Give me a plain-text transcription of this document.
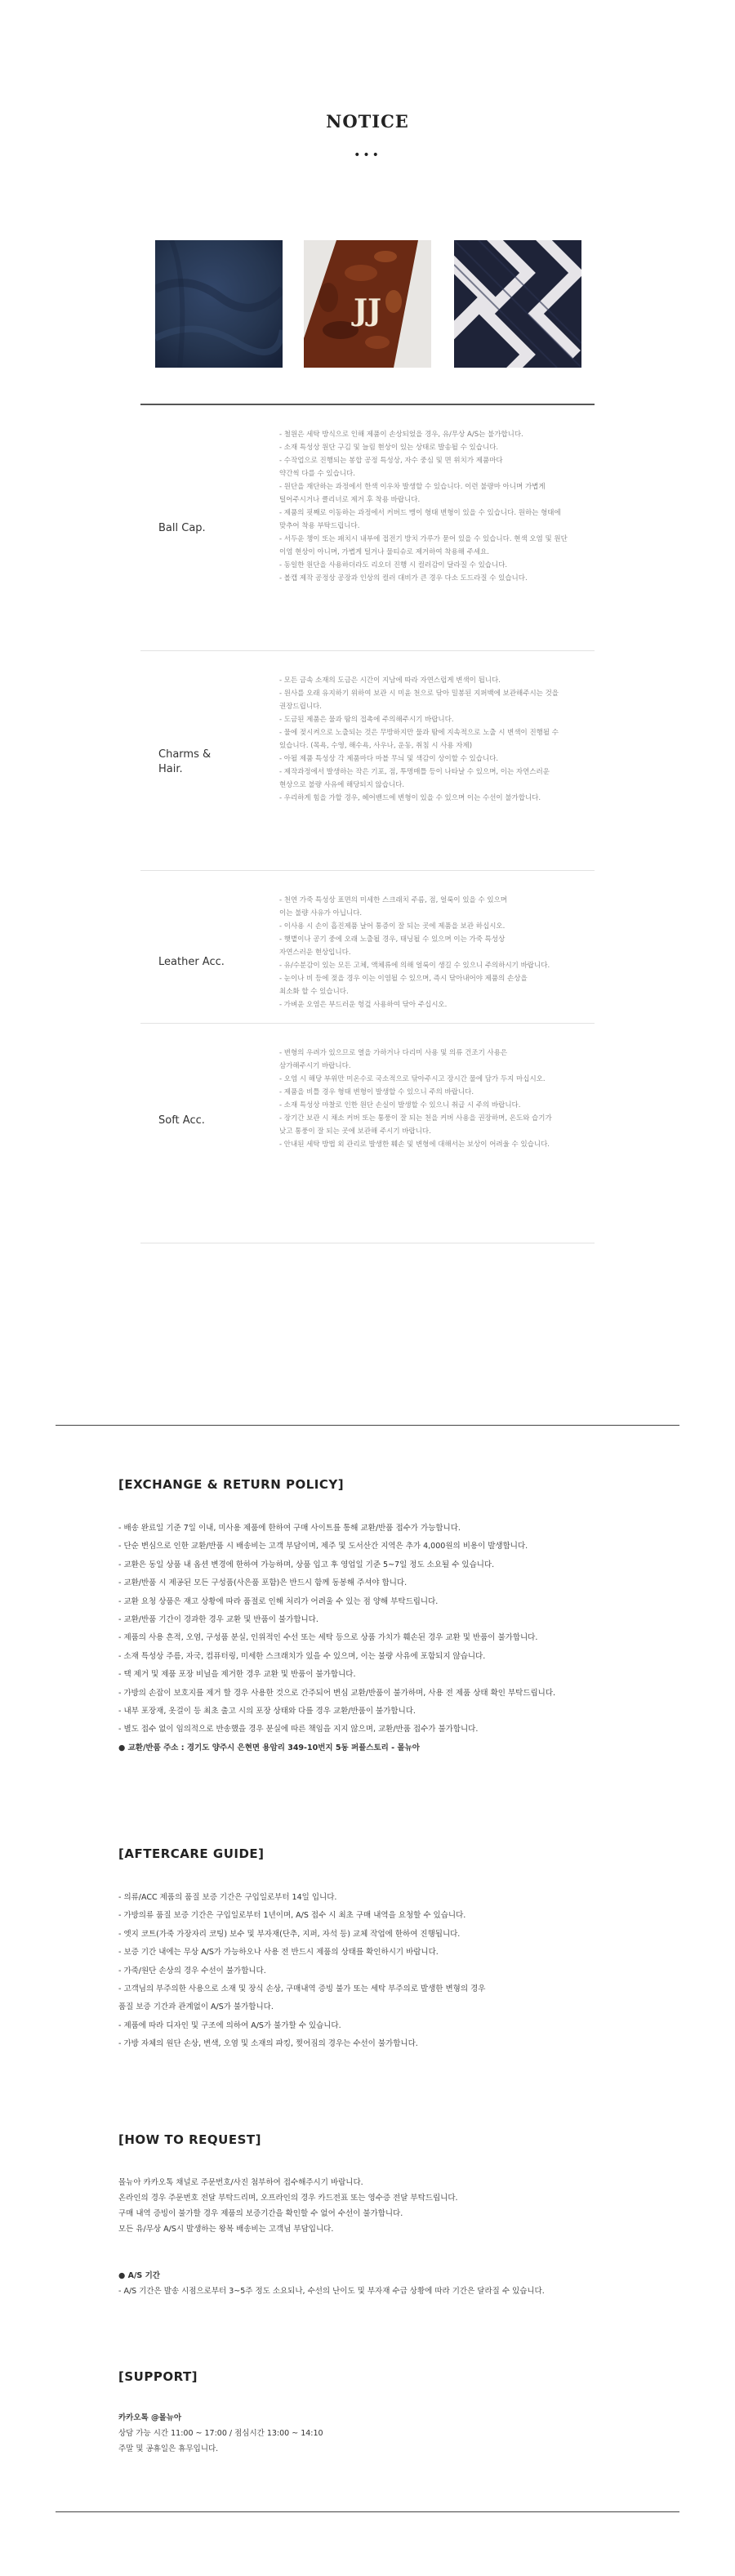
NOTICE
•••
JJ
Ball Cap.
- 철원은 세탁 방식으로 인해 제품이 손상되었을 경우, 유/무상 A/S는 불가합니다.
- 소재 특성상 원단 구김 및 늘림 현상이 있는 상태로 발송될 수 있습니다.
- 수작업으로 진행되는 봉합 공정 특성상, 자수 중심 및 면 위치가 제품마다
약간씩 다를 수 있습니다.
- 원단을 재단하는 과정에서 한색 이우차 발생할 수 있습니다. 이런 불량마 아니며 가볍게
털어주시거나 클리너로 제거 후 착용 바랍니다.
- 제품의 핏째로 이동하는 과정에서 커버드 맹이 형태 변형이 있을 수 있습니다. 원하는 형태에
맞추어 착용 부탁드립니다.
- 서두운 챙이 또는 패치시 내부에 접전기 방치 가루가 묻어 있을 수 있습니다. 현색 오염 및 원단
이염 현상이 아니며, 가볍게 털거나 물티슈로 제거하여 착용해 주세요.
- 동일한 원단을 사용하더라도 리오더 진행 시 컬러감이 달라질 수 있습니다.
- 볼캡 제작 공정상 공장과 인상의 컬러 대비가 큰 경우 다소 도드라질 수 있습니다.
Charms & Hair.
- 모든 금속 소재의 도금은 시간이 지남에 따라 자연스럽게 변색이 됩니다.
- 원사를 오래 유지하기 위하여 보관 시 미윤 천으로 닦아 밀봉된 지퍼백에 보관해주시는 것을
권장드립니다.
- 도금된 제품은 물과 땀의 접촉에 주의해주시기 바랍니다.
- 물에 젖시켜으로 노출되는 것은 무방하지만 물과 땀에 지속적으로 노출 시 변색이 진행될 수
있습니다. (목욕, 수영, 해수욕, 사우나, 운동, 취침 시 사용 자제)
- 아될 제품 특성상 각 제품마다 마블 무늬 및 색감이 상이할 수 있습니다.
- 제작과정에서 발생하는 작은 기포, 점, 투명매틀 등이 나타날 수 있으며, 이는 자연스러운
현상으로 불량 사유에 해당되지 않습니다.
- 우리하게 힘을 가할 경우, 헤어밴드에 변형이 있을 수 있으며 이는 수선이 불가합니다.
Leather Acc.
- 천연 가죽 특성상 표면의 미세한 스크래치 주름, 점, 얼룩이 있을 수 있으며
이는 불량 사유가 아닙니다.
- 이사용 시 손이 흡진제품 날어 통증이 잘 되는 곳에 제품을 보관 하십시오.
- 햇볕이나 공기 중에 오래 노출될 경우, 태닝될 수 있으며 이는 가죽 특성상
자연스러운 현상입니다.
- 유/수분감이 있는 모든 고체, 액체류에 의해 얼룩이 생길 수 있으니 주의하시기 바랍니다.
- 눈이나 비 등에 젖을 경우 이는 이염될 수 있으며, 즉시 닦아내어야 제품의 손상을
최소화 할 수 있습니다.
- 가벼운 오염은 부드러운 헝겊 사용하여 닦아 주십시오.
Soft Acc.
- 변형의 우려가 있으므로 열을 가하거나 다리미 사용 및 의류 건조기 사용은
삼가해주시기 바랍니다.
- 오염 시 해당 부위만 미온수로 국소적으로 닦아주시고 장시간 물에 담가 두지 마십시오.
- 제품을 비틀 경우 형태 변형이 발생할 수 있으니 주의 바랍니다.
- 소재 특성상 마찰로 인한 원단 손실이 발생할 수 있으니 취급 시 주의 바랍니다.
- 장기간 보관 시 채소 커버 또는 통풍이 잘 되는 천을 커버 사용을 권장하며, 온도와 습기가
낮고 통풍이 잘 되는 곳에 보관해 주시기 바랍니다.
- 안내된 세탁 방법 외 관리로 발생한 훼손 및 변형에 대해서는 보상이 어려울 수 있습니다.
[EXCHANGE & RETURN POLICY]
- 배송 완료일 기준 7일 이내, 미사용 제품에 한하여 구매 사이트를 통해 교환/반품 접수가 가능합니다.
- 단순 변심으로 인한 교환/반품 시 배송비는 고객 부담이며, 제주 및 도서산간 지역은 추가 4,000원의 비용이 발생합니다.
- 교환은 동일 상품 내 옵션 변경에 한하여 가능하며, 상품 입고 후 영업일 기준 5~7일 정도 소요될 수 있습니다.
- 교환/반품 시 제공된 모든 구성품(사은품 포함)은 반드시 함께 동봉해 주셔야 합니다.
- 교환 요청 상품은 재고 상황에 따라 품절로 인해 처리가 어려울 수 있는 점 양해 부탁드립니다.
- 교환/반품 기간이 경과한 경우 교환 및 반품이 불가합니다.
- 제품의 사용 흔적, 오염, 구성품 분실, 인위적인 수선 또는 세탁 등으로 상품 가치가 훼손된 경우 교환 및 반품이 불가합니다.
- 소재 특성상 주름, 자국, 컴퓨터링, 미세한 스크래치가 있을 수 있으며, 이는 불량 사유에 포함되지 않습니다.
- 택 제거 및 제품 포장 비닐을 제거한 경우 교환 및 반품이 불가합니다.
- 가방의 손잡이 보호지를 제거 할 경우 사용한 것으로 간주되어 변심 교환/반품이 불가하며, 사용 전 제품 상태 확인 부탁드립니다.
- 내부 포장재, 옷걸이 등 최초 출고 시의 포장 상태와 다를 경우 교환/반품이 불가합니다.
- 별도 접수 없이 임의적으로 반송했을 경우 분실에 따른 책임을 지지 않으며, 교환/반품 접수가 불가합니다.
● 교환/반품 주소 : 경기도 양주시 은현면 용암리 349-10번지 5동 퍼플스토리 - 몰뉴아
[AFTERCARE GUIDE]
- 의류/ACC 제품의 품질 보증 기간은 구입일로부터 14일 입니다.
- 가방의류 품질 보증 기간은 구입일로부터 1년이며, A/S 접수 시 최초 구매 내역을 요청할 수 있습니다.
- 엣지 코트(가죽 가장자리 코팅) 보수 및 부자재(단추, 지퍼, 자석 등) 교체 작업에 한하여 진행됩니다.
- 보증 기간 내에는 무상 A/S가 가능하오나 사용 전 반드시 제품의 상태를 확인하시기 바랍니다.
- 가죽/원단 손상의 경우 수선이 불가합니다.
- 고객님의 부주의한 사용으로 소재 및 장식 손상, 구매내역 증빙 불가 또는 세탁 부주의로 발생한 변형의 경우
품질 보증 기간과 관계없이 A/S가 불가합니다.
- 제품에 따라 디자인 및 구조에 의하여 A/S가 불가할 수 있습니다.
- 가방 자체의 원단 손상, 변색, 오염 및 소재의 파킹, 찢어짐의 경우는 수선이 불가합니다.
[HOW TO REQUEST]
몰뉴아 카카오톡 채널로 주문번호/사진 첨부하여 접수해주시기 바랍니다.
온라인의 경우 주문번호 전달 부탁드리며, 오프라인의 경우 카드전표 또는 영수증 전달 부탁드립니다.
구매 내역 증빙이 불가할 경우 제품의 보증기간을 확인할 수 없어 수선이 불가합니다.
모든 유/무상 A/S시 발생하는 왕복 배송비는 고객님 부담입니다.
● A/S 기간
- A/S 기간은 발송 시점으로부터 3~5주 정도 소요되나, 수선의 난이도 및 부자재 수급 상황에 따라 기간은 달라질 수 있습니다.
[SUPPORT]
카카오톡 @몰뉴아
상담 가능 시간 11:00 ~ 17:00 / 점심시간 13:00 ~ 14:10
주말 및 공휴일은 휴무입니다.
